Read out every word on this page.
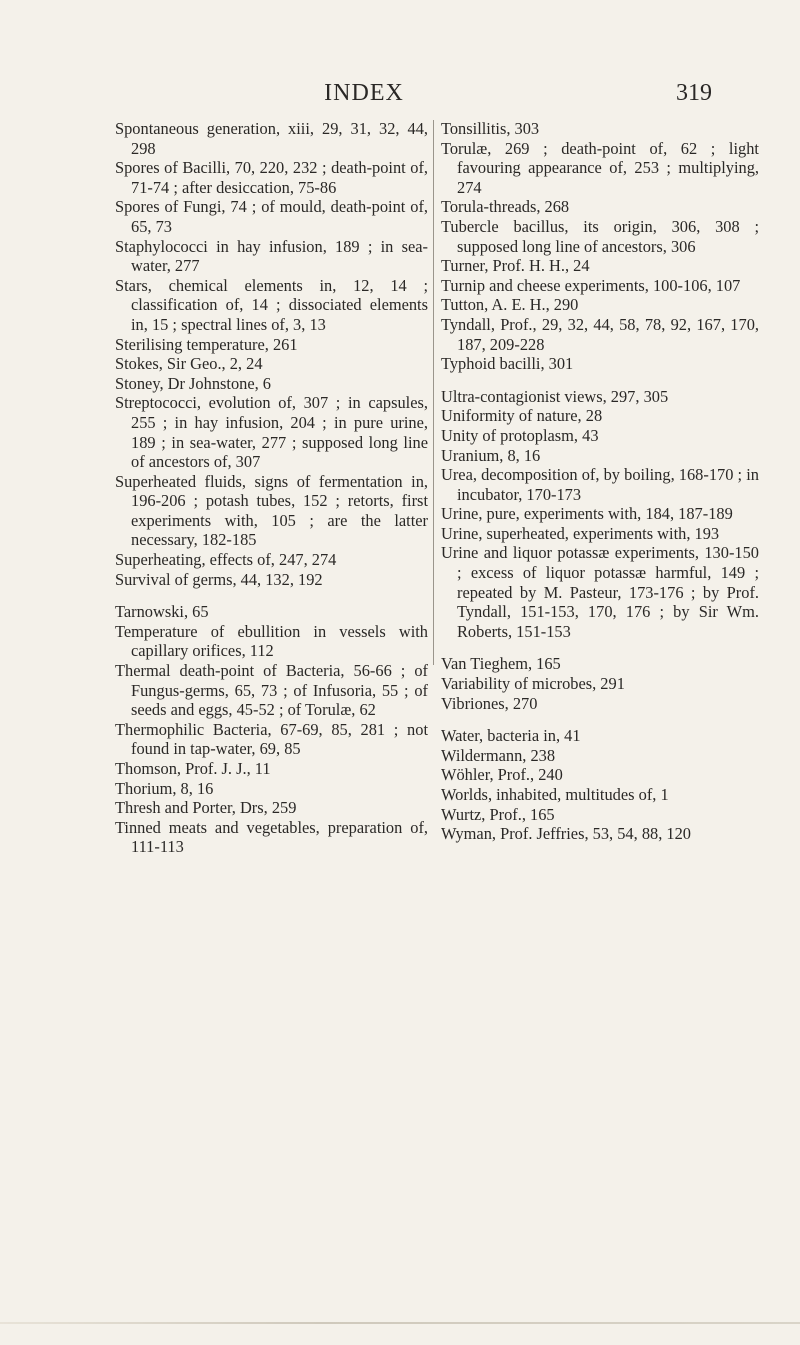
INDEX	319
Spontaneous generation, xiii, 29, 31, 32, 44, 298
Spores of Bacilli, 70, 220, 232 ; death-point of, 71-74 ; after desiccation, 75-86
Spores of Fungi, 74 ; of mould, death-point of, 65, 73
Staphylococci in hay infusion, 189 ; in sea-water, 277
Stars, chemical elements in, 12, 14 ; classification of, 14 ; dissociated elements in, 15 ; spectral lines of, 3, 13
Sterilising temperature, 261
Stokes, Sir Geo., 2, 24
Stoney, Dr Johnstone, 6
Streptococci, evolution of, 307 ; in capsules, 255 ; in hay infusion, 204 ; in pure urine, 189 ; in sea-water, 277 ; supposed long line of ancestors of, 307
Superheated fluids, signs of fermentation in, 196-206 ; potash tubes, 152 ; retorts, first experiments with, 105 ; are the latter necessary, 182-185
Superheating, effects of, 247, 274
Survival of germs, 44, 132, 192
Tarnowski, 65
Temperature of ebullition in vessels with capillary orifices, 112
Thermal death-point of Bacteria, 56-66 ; of Fungus-germs, 65, 73 ; of Infusoria, 55 ; of seeds and eggs, 45-52 ; of Torulæ, 62
Thermophilic Bacteria, 67-69, 85, 281 ; not found in tap-water, 69, 85
Thomson, Prof. J. J., 11
Thorium, 8, 16
Thresh and Porter, Drs, 259
Tinned meats and vegetables, preparation of, 111-113
Tonsillitis, 303
Torulæ, 269 ; death-point of, 62 ; light favouring appearance of, 253 ; multiplying, 274
Torula-threads, 268
Tubercle bacillus, its origin, 306, 308 ; supposed long line of ancestors, 306
Turner, Prof. H. H., 24
Turnip and cheese experiments, 100-106, 107
Tutton, A. E. H., 290
Tyndall, Prof., 29, 32, 44, 58, 78, 92, 167, 170, 187, 209-228
Typhoid bacilli, 301
Ultra-contagionist views, 297, 305
Uniformity of nature, 28
Unity of protoplasm, 43
Uranium, 8, 16
Urea, decomposition of, by boiling, 168-170 ; in incubator, 170-173
Urine, pure, experiments with, 184, 187-189
Urine, superheated, experiments with, 193
Urine and liquor potassæ experiments, 130-150 ; excess of liquor potassæ harmful, 149 ; repeated by M. Pasteur, 173-176 ; by Prof. Tyndall, 151-153, 170, 176 ; by Sir Wm. Roberts, 151-153
Van Tieghem, 165
Variability of microbes, 291
Vibriones, 270
Water, bacteria in, 41
Wildermann, 238
Wöhler, Prof., 240
Worlds, inhabited, multitudes of, 1
Wurtz, Prof., 165
Wyman, Prof. Jeffries, 53, 54, 88, 120
